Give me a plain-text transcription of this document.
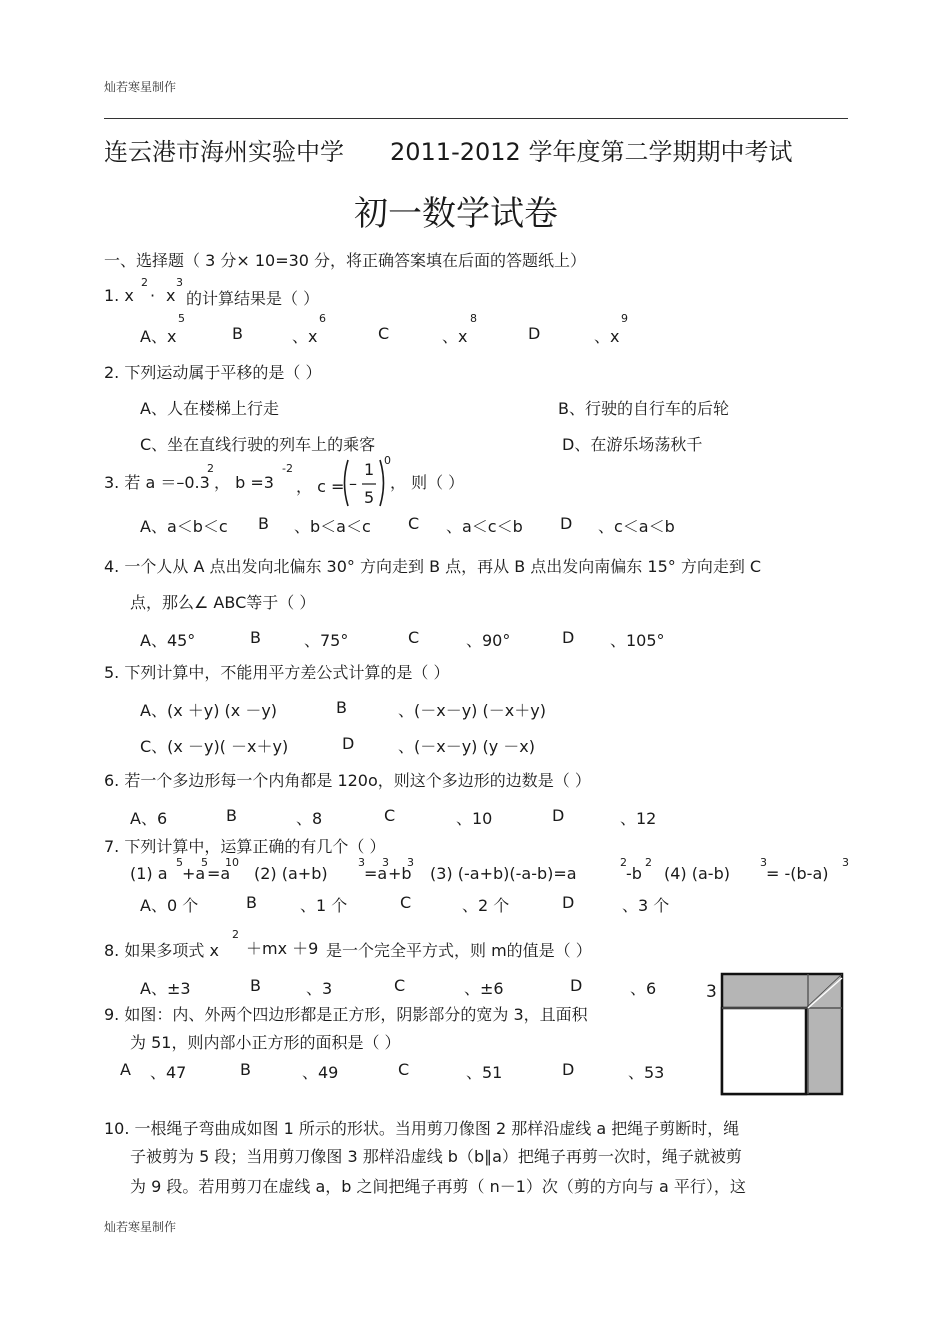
灿若寒星制作
连云港市海州实验中学 2011-2012 学年度第二学期期中考试
初一数学试卷
一、选择题（ 3 分× 10=30 分，将正确答案填在后面的答题纸上）
1. x
2
· x
3
的计算结果是（ ）
A、x
5
B	、x
6
C	、x
8
D	、x
9
2. 下列运动属于平移的是（ ）
A、人在楼梯上行走	B、行驶的自行车的后轮
C、坐在直线行驶的列车上的乘客	D、在游乐场荡秋千
3. 若 a ＝–0.3
2
， b =3
-2
， c = –
1
5
0
， 则（ ）
A、a＜b＜c B 、b＜a＜c C 、a＜c＜b D 、c＜a＜b
4. 一个人从 A 点出发向北偏东 30° 方向走到 B 点，再从 B 点出发向南偏东 15° 方向走到 C
点，那么∠ ABC等于（ ）
A、45°	B	、75°	C	、90°	D 、105°
5. 下列计算中，不能用平方差公式计算的是（ ）
A、(x ＋y) (x －y)	B	、(－x－y) (－x＋y)
C、(x －y)( －x＋y)	D	、(－x－y) (y －x)
6. 若一个多边形每一个内角都是 120o，则这个多边形的边数是（ ）
A、6	B	、8	C	、10	D	、12
7. 下列计算中，运算正确的有几个（ ）
(1) a
5
+a
5
=a
10
(2) (a+b)
3
=a
3
+b
3
(3) (-a+b)(-a-b)=a
2
-b
2
(4) (a-b)
3
= -(b-a)
3
A、0 个	B	、1 个	C	、2 个	D	、3 个
8. 如果多项式 x
2
＋mx ＋9 是一个完全平方式，则 m的值是（ ）
A、±3	B	、3	C	、±6	D	、6
9. 如图：内、外两个四边形都是正方形，阴影部分的宽为 3，且面积
为 51，则内部小正方形的面积是（ ）
A 、47	B	、49	C	、51	D	、53
3
10. 一根绳子弯曲成如图 1 所示的形状。当用剪刀像图 2 那样沿虚线 a 把绳子剪断时，绳
子被剪为 5 段；当用剪刀像图 3 那样沿虚线 b（b∥a）把绳子再剪一次时，绳子就被剪
为 9 段。若用剪刀在虚线 a，b 之间把绳子再剪（ n－1）次（剪的方向与 a 平行），这
灿若寒星制作
